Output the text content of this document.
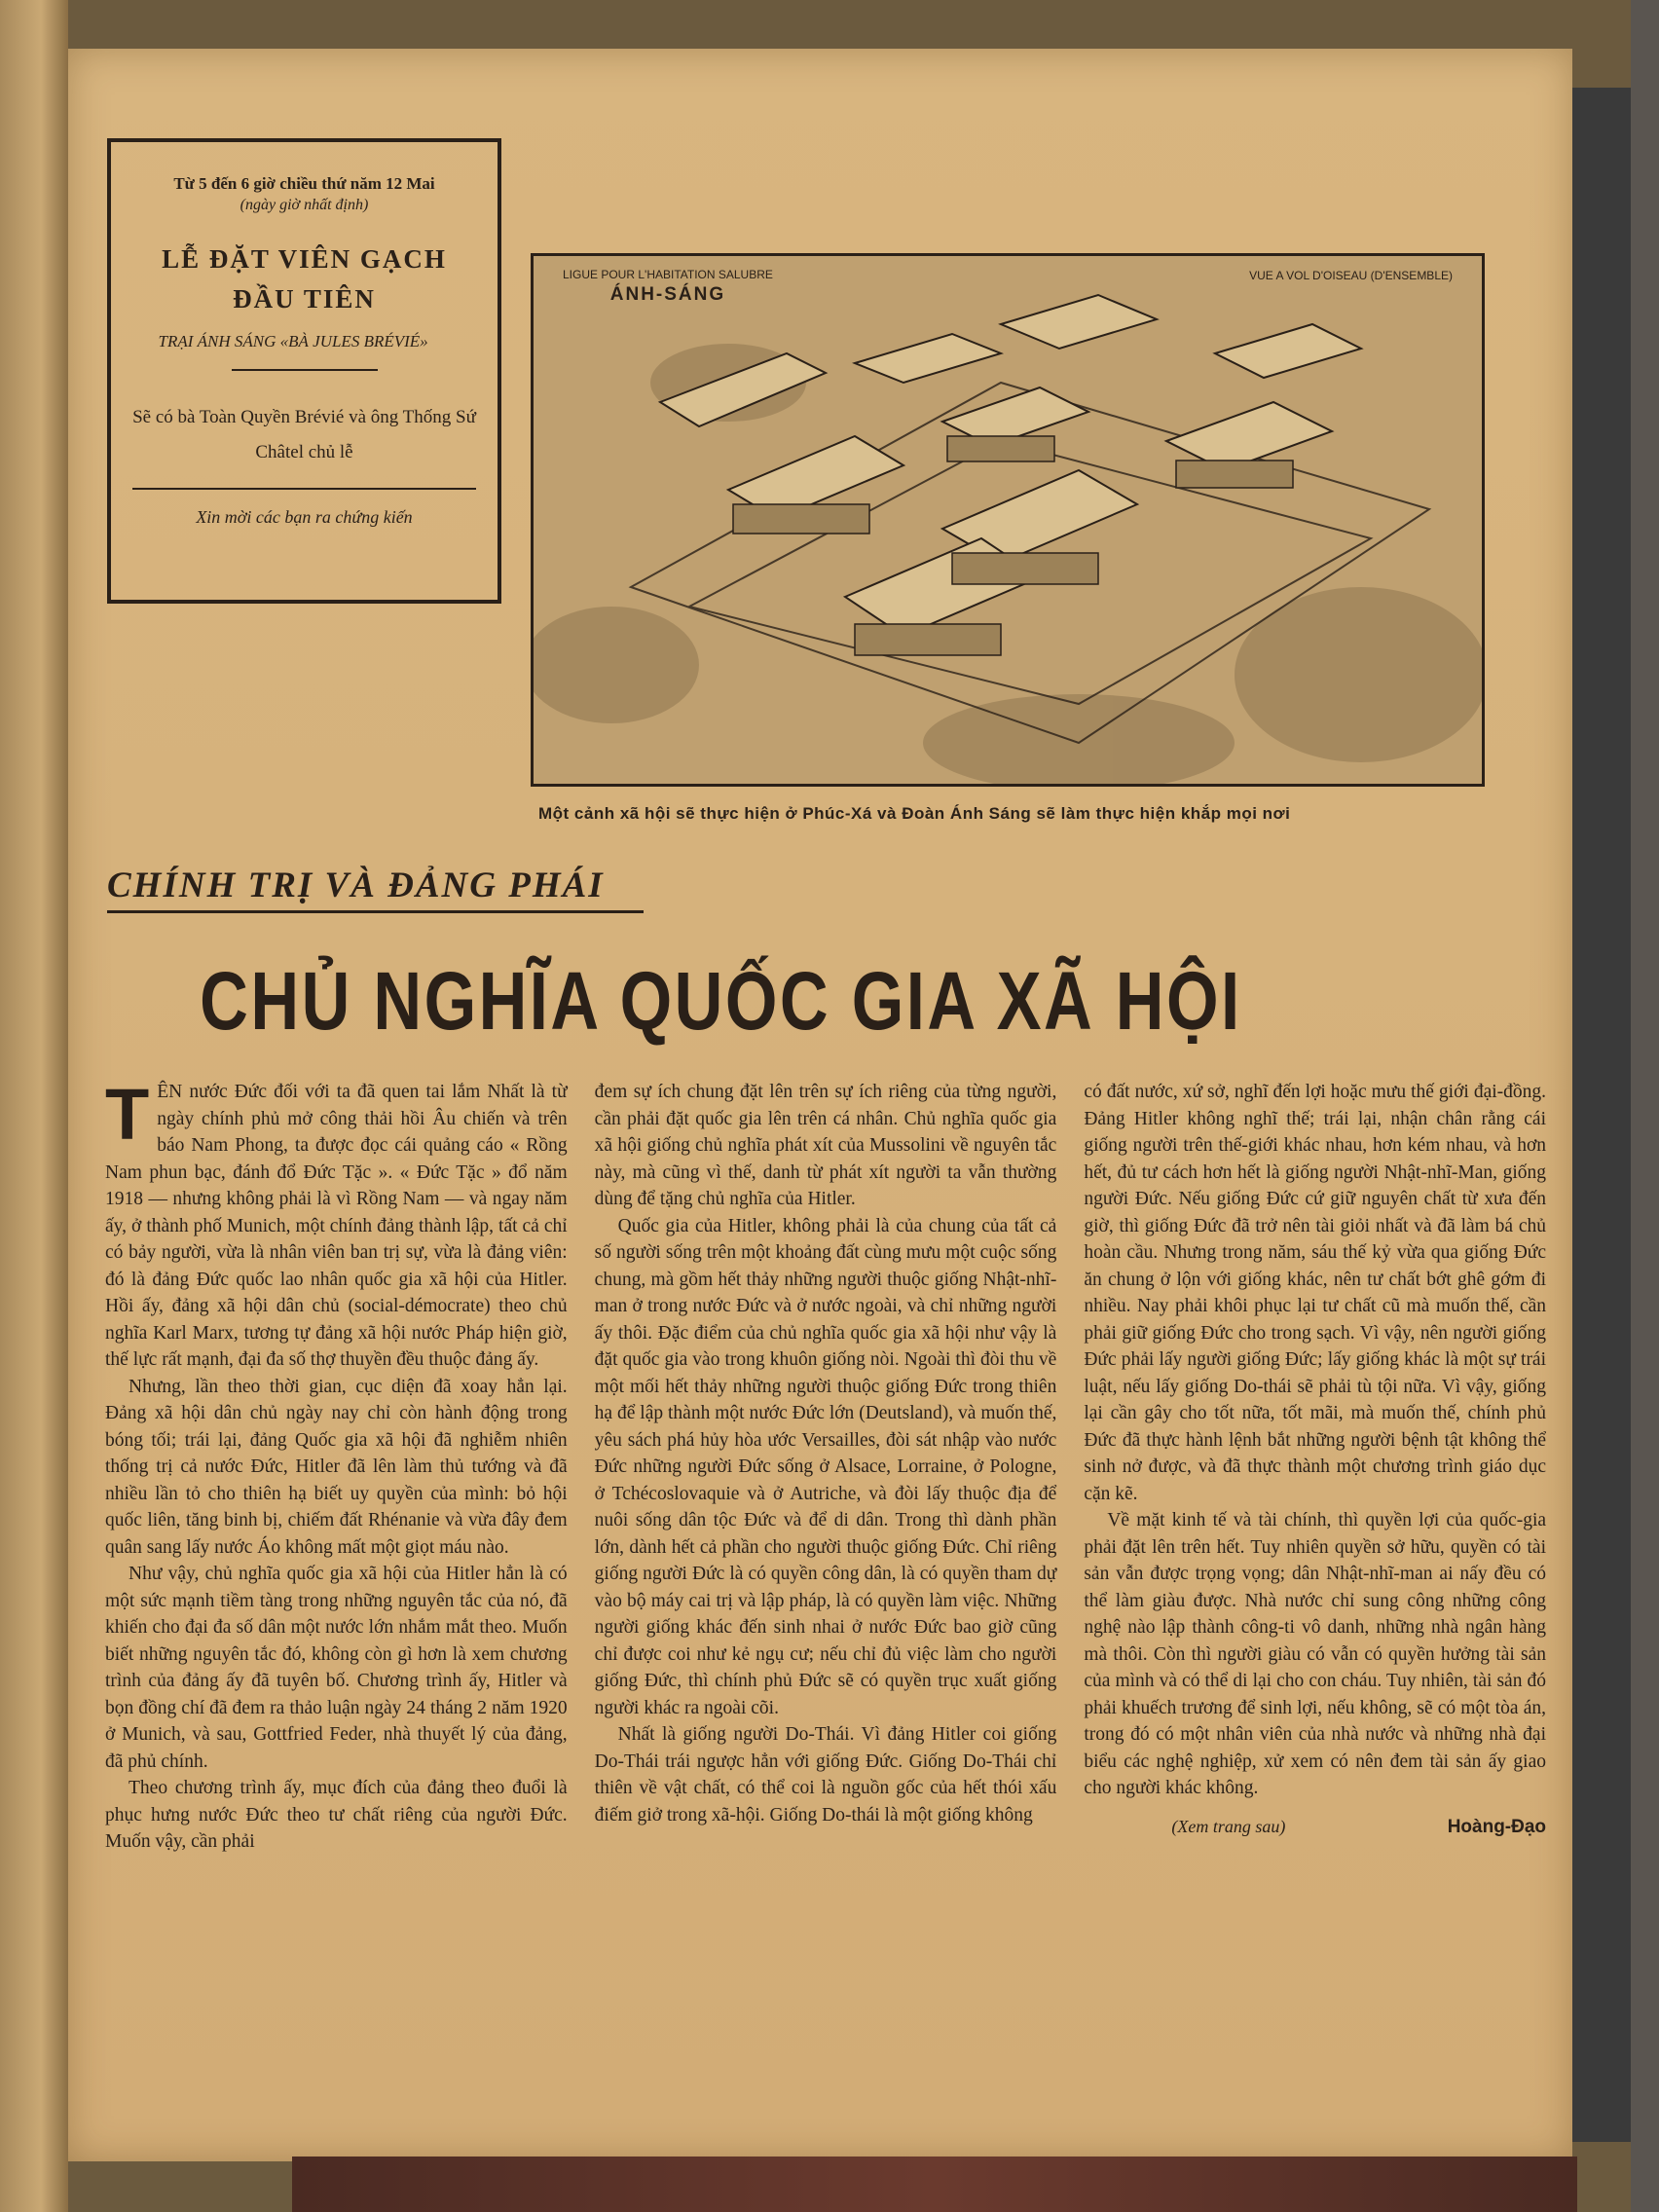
Từ 5 đến 6 giờ chiều thứ năm 12 Mai
(ngày giờ nhất định)
LỄ ĐẶT VIÊN GẠCH
ĐẦU TIÊN
TRẠI ÁNH SÁNG «BÀ JULES BRÉVIÉ»
Sẽ có bà Toàn Quyền Brévié và ông Thống Sứ Châtel chủ lễ
Xin mời các bạn ra chứng kiến
LIGUE POUR L'HABITATION SALUBRE
ÁNH-SÁNG
VUE A VOL D'OISEAU (D'ENSEMBLE)
Một cảnh xã hội sẽ thực hiện ở Phúc-Xá và Đoàn Ánh Sáng sẽ làm thực hiện khắp mọi nơi
CHÍNH TRỊ VÀ ĐẢNG PHÁI
CHỦ NGHĨA QUỐC GIA XÃ HỘI

TÊN nước Đức đối với ta đã quen tai lắm Nhất là từ ngày chính phủ mở công thải hồi Âu chiến và trên báo Nam Phong, ta được đọc cái quảng cáo « Rồng Nam phun bạc, đánh đổ Đức Tặc ». « Đức Tặc » đổ năm 1918 — nhưng không phải là vì Rồng Nam — và ngay năm ấy, ở thành phố Munich, một chính đảng thành lập, tất cả chỉ có bảy người, vừa là nhân viên ban trị sự, vừa là đảng viên: đó là đảng Đức quốc lao nhân quốc gia xã hội của Hitler. Hồi ấy, đảng xã hội dân chủ (social-démocrate) theo chủ nghĩa Karl Marx, tương tự đảng xã hội nước Pháp hiện giờ, thế lực rất mạnh, đại đa số thợ thuyền đều thuộc đảng ấy.

Nhưng, lần theo thời gian, cục diện đã xoay hẳn lại. Đảng xã hội dân chủ ngày nay chỉ còn hành động trong bóng tối; trái lại, đảng Quốc gia xã hội đã nghiễm nhiên thống trị cả nước Đức, Hitler đã lên làm thủ tướng và đã nhiều lần tỏ cho thiên hạ biết uy quyền của mình: bỏ hội quốc liên, tăng binh bị, chiếm đất Rhénanie và vừa đây đem quân sang lấy nước Áo không mất một giọt máu nào.

Như vậy, chủ nghĩa quốc gia xã hội của Hitler hẳn là có một sức mạnh tiềm tàng trong những nguyên tắc của nó, đã khiến cho đại đa số dân một nước lớn nhắm mắt theo. Muốn biết những nguyên tắc đó, không còn gì hơn là xem chương trình của đảng ấy đã tuyên bố. Chương trình ấy, Hitler và bọn đồng chí đã đem ra thảo luận ngày 24 tháng 2 năm 1920 ở Munich, và sau, Gottfried Feder, nhà thuyết lý của đảng, đã phủ chính.

Theo chương trình ấy, mục đích của đảng theo đuổi là phục hưng nước Đức theo tư chất riêng của người Đức. Muốn vậy, cần phải

đem sự ích chung đặt lên trên sự ích riêng của từng người, cần phải đặt quốc gia lên trên cá nhân. Chủ nghĩa quốc gia xã hội giống chủ nghĩa phát xít của Mussolini về nguyên tắc này, mà cũng vì thế, danh từ phát xít người ta vẫn thường dùng để tặng chủ nghĩa của Hitler.

Quốc gia của Hitler, không phải là của chung của tất cả số người sống trên một khoảng đất cùng mưu một cuộc sống chung, mà gồm hết thảy những người thuộc giống Nhật-nhĩ-man ở trong nước Đức và ở nước ngoài, và chỉ những người ấy thôi. Đặc điểm của chủ nghĩa quốc gia xã hội như vậy là đặt quốc gia vào trong khuôn giống nòi. Ngoài thì đòi thu về một mối hết thảy những người thuộc giống Đức trong thiên hạ để lập thành một nước Đức lớn (Deutsland), và muốn thế, yêu sách phá hủy hòa ước Versailles, đòi sát nhập vào nước Đức những người Đức sống ở Alsace, Lorraine, ở Pologne, ở Tchécoslovaquie và ở Autriche, và đòi lấy thuộc địa để nuôi sống dân tộc Đức và để di dân. Trong thì dành phần lớn, dành hết cả phần cho người thuộc giống Đức. Chỉ riêng giống người Đức là có quyền công dân, là có quyền tham dự vào bộ máy cai trị và lập pháp, là có quyền làm việc. Những người giống khác đến sinh nhai ở nước Đức bao giờ cũng chỉ được coi như kẻ ngụ cư; nếu chỉ đủ việc làm cho người giống Đức, thì chính phủ Đức sẽ có quyền trục xuất giống người khác ra ngoài cõi.

Nhất là giống người Do-Thái. Vì đảng Hitler coi giống Do-Thái trái ngược hẳn với giống Đức. Giống Do-Thái chỉ thiên về vật chất, có thể coi là nguồn gốc của hết thói xấu điếm giở trong xã-hội. Giống Do-thái là một giống không

có đất nước, xứ sở, nghĩ đến lợi hoặc mưu thế giới đại-đồng. Đảng Hitler không nghĩ thế; trái lại, nhận chân rằng cái giống người trên thế-giới khác nhau, hơn kém nhau, và hơn hết, đủ tư cách hơn hết là giống người Nhật-nhĩ-Man, giống người Đức. Nếu giống Đức cứ giữ nguyên chất từ xưa đến giờ, thì giống Đức đã trở nên tài giỏi nhất và đã làm bá chủ hoàn cầu. Nhưng trong năm, sáu thế kỷ vừa qua giống Đức ăn chung ở lộn với giống khác, nên tư chất bớt ghê gớm đi nhiều. Nay phải khôi phục lại tư chất cũ mà muốn thế, cần phải giữ giống Đức cho trong sạch. Vì vậy, nên người giống Đức phải lấy người giống Đức; lấy giống khác là một sự trái luật, nếu lấy giống Do-thái sẽ phải tù tội nữa. Vì vậy, giống lại cần gây cho tốt nữa, tốt mãi, mà muốn thế, chính phủ Đức đã thực hành lệnh bắt những người bệnh tật không thể sinh nở được, và đã thực thành một chương trình giáo dục cặn kẽ.

Về mặt kinh tế và tài chính, thì quyền lợi của quốc-gia phải đặt lên trên hết. Tuy nhiên quyền sở hữu, quyền có tài sản vẫn được trọng vọng; dân Nhật-nhĩ-man ai nấy đều có thể làm giàu được. Nhà nước chỉ sung công những công nghệ nào lập thành công-ti vô danh, những nhà ngân hàng mà thôi. Còn thì người giàu có vẫn có quyền hưởng tài sản của mình và có thể di lại cho con cháu. Tuy nhiên, tài sản đó phải khuếch trương để sinh lợi, nếu không, sẽ có một tòa án, trong đó có một nhân viên của nhà nước và những nhà đại biểu các nghệ nghiệp, xử xem có nên đem tài sản ấy giao cho người khác không.

(Xem trang sau)	Hoàng-Đạo
